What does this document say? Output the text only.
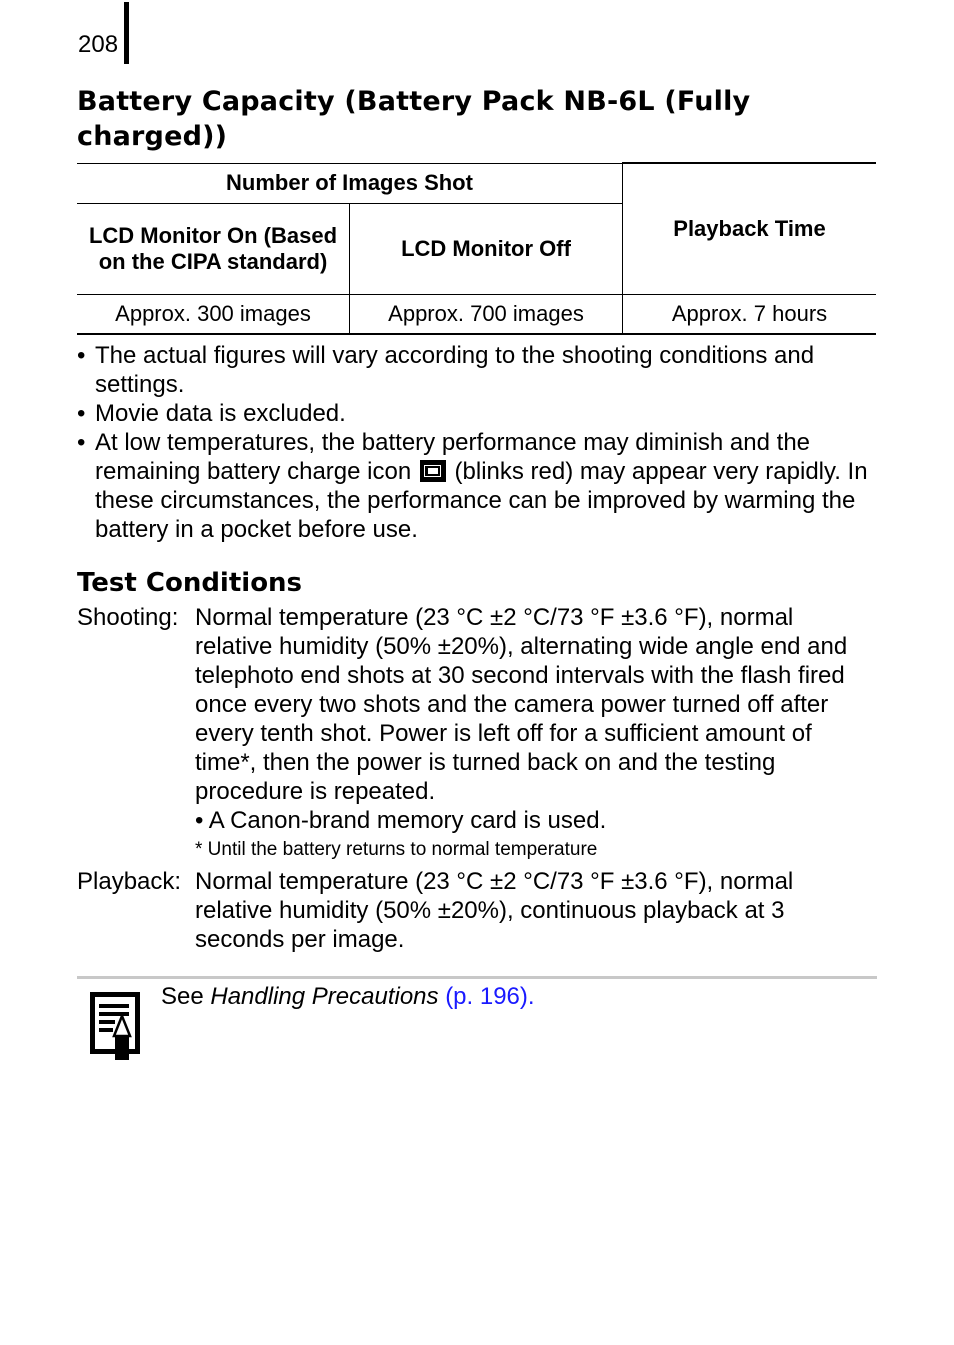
208
Battery Capacity (Battery Pack NB-6L (Fully charged))
Number of Images Shot		Playback Time
LCD Monitor On (Based on the CIPA standard)	LCD Monitor Off	
Approx. 300 images	Approx. 700 images	Approx. 7 hours
• The actual figures will vary according to the shooting conditions and settings.
• Movie data is excluded.
• At low temperatures, the battery performance may diminish and the remaining battery charge icon (blinks red) may appear very rapidly. In these circumstances, the performance can be improved by warming the battery in a pocket before use.
Test Conditions
Shooting: Normal temperature (23 °C ±2 °C/73 °F ±3.6 °F), normal relative humidity (50% ±20%), alternating wide angle end and telephoto end shots at 30 second intervals with the flash fired once every two shots and the camera power turned off after every tenth shot. Power is left off for a sufficient amount of time*, then the power is turned back on and the testing procedure is repeated.
• A Canon-brand memory card is used.
* Until the battery returns to normal temperature
Playback: Normal temperature (23 °C ±2 °C/73 °F ±3.6 °F), normal relative humidity (50% ±20%), continuous playback at 3 seconds per image.
See Handling Precautions (p. 196).
